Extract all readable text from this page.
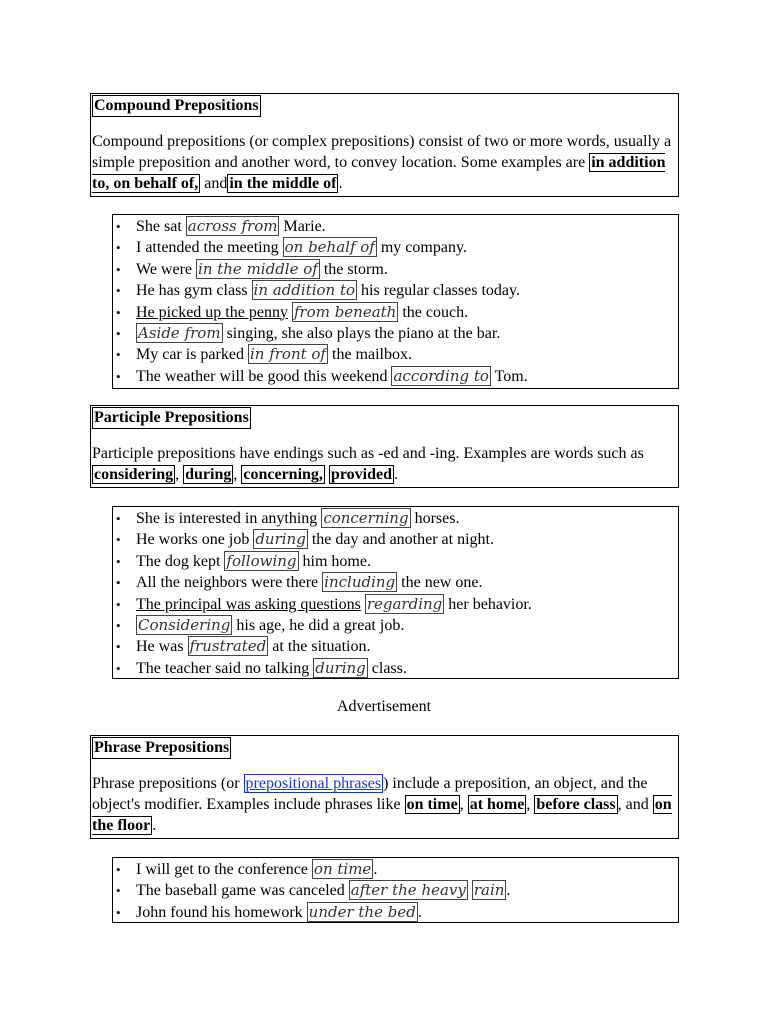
Compound Prepositions

Compound prepositions (or complex prepositions) consist of two or more words, usually a simple preposition and another word, to convey location. Some examples are in addition to, on behalf of, and in the middle of .

• She sat across from Marie.
• I attended the meeting on behalf of my company.
• We were in the middle of the storm.
• He has gym class in addition to his regular classes today.
• He picked up the penny from beneath the couch.
• Aside from singing, she also plays the piano at the bar.
• My car is parked in front of the mailbox.
• The weather will be good this weekend according to Tom.
Participle Prepositions

Participle prepositions have endings such as -ed and -ing. Examples are words such as considering , during , concerning, provided .

• She is interested in anything concerning horses.
• He works one job during the day and another at night.
• The dog kept following him home.
• All the neighbors were there including the new one.
• The principal was asking questions regarding her behavior.
• Considering his age, he did a great job.
• He was frustrated at the situation.
• The teacher said no talking during class.
Advertisement
Phrase Prepositions

Phrase prepositions (or prepositional phrases ) include a preposition, an object, and the object's modifier. Examples include phrases like on time , at home , before class , and on the floor .

• I will get to the conference on time .
• The baseball game was canceled after the heavy rain .
• John found his homework under the bed .
